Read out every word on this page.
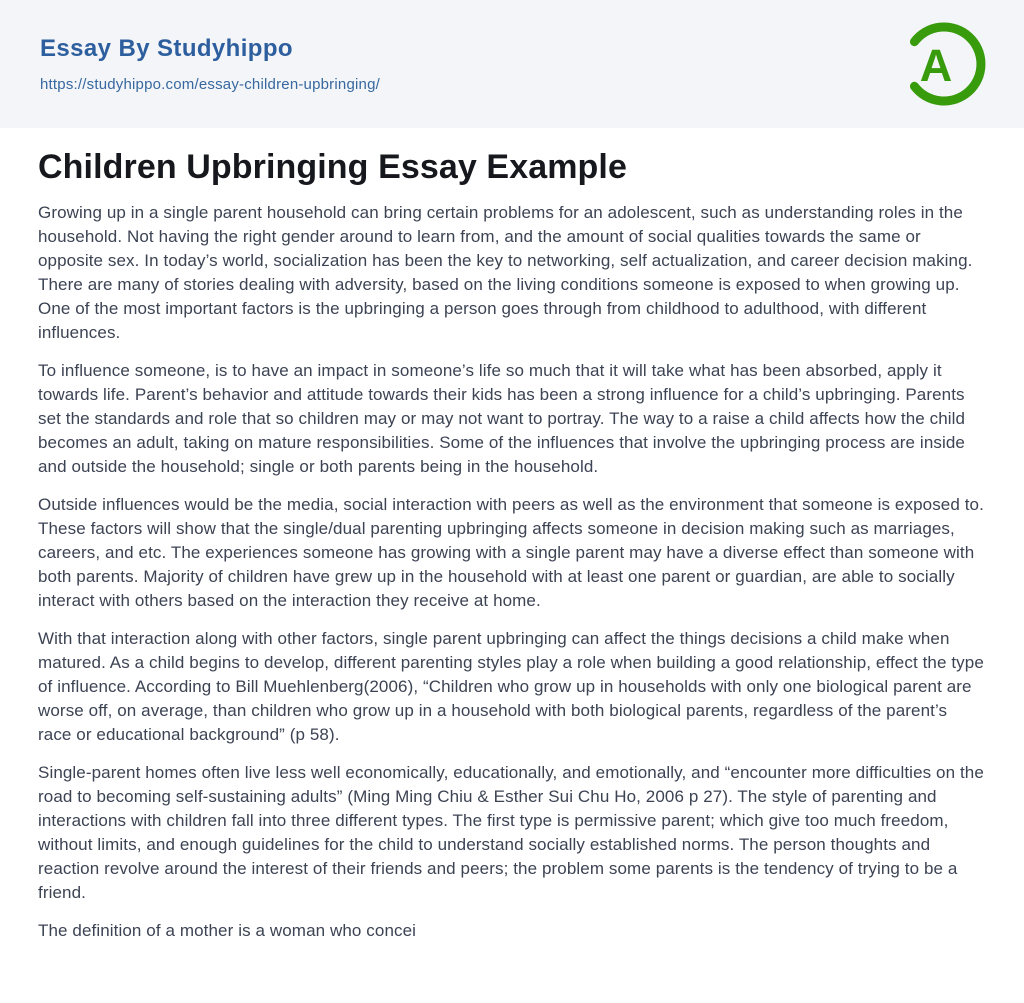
Essay By Studyhippo
https://studyhippo.com/essay-children-upbringing/	A
Children Upbringing Essay Example

Growing up in a single parent household can bring certain problems for an adolescent, such as understanding roles in the household. Not having the right gender around to learn from, and the amount of social qualities towards the same or opposite sex. In today’s world, socialization has been the key to networking, self actualization, and career decision making. There are many of stories dealing with adversity, based on the living conditions someone is exposed to when growing up. One of the most important factors is the upbringing a person goes through from childhood to adulthood, with different influences.

To influence someone, is to have an impact in someone’s life so much that it will take what has been absorbed, apply it towards life. Parent’s behavior and attitude towards their kids has been a strong influence for a child’s upbringing. Parents set the standards and role that so children may or may not want to portray. The way to a raise a child affects how the child becomes an adult, taking on mature responsibilities. Some of the influences that involve the upbringing process are inside and outside the household; single or both parents being in the household.

Outside influences would be the media, social interaction with peers as well as the environment that someone is exposed to. These factors will show that the single/dual parenting upbringing affects someone in decision making such as marriages, careers, and etc. The experiences someone has growing with a single parent may have a diverse effect than someone with both parents. Majority of children have grew up in the household with at least one parent or guardian, are able to socially interact with others based on the interaction they receive at home.

With that interaction along with other factors, single parent upbringing can affect the things decisions a child make when matured. As a child begins to develop, different parenting styles play a role when building a good relationship, effect the type of influence. According to Bill Muehlenberg(2006), “Children who grow up in households with only one biological parent are worse off, on average, than children who grow up in a household with both biological parents, regardless of the parent’s race or educational background” (p 58).

Single-parent homes often live less well economically, educationally, and emotionally, and “encounter more difficulties on the road to becoming self-sustaining adults” (Ming Ming Chiu & Esther Sui Chu Ho, 2006 p 27). The style of parenting and interactions with children fall into three different types. The first type is permissive parent; which give too much freedom, without limits, and enough guidelines for the child to understand socially established norms. The person thoughts and reaction revolve around the interest of their friends and peers; the problem some parents is the tendency of trying to be a friend.

The definition of a mother is a woman who concei
